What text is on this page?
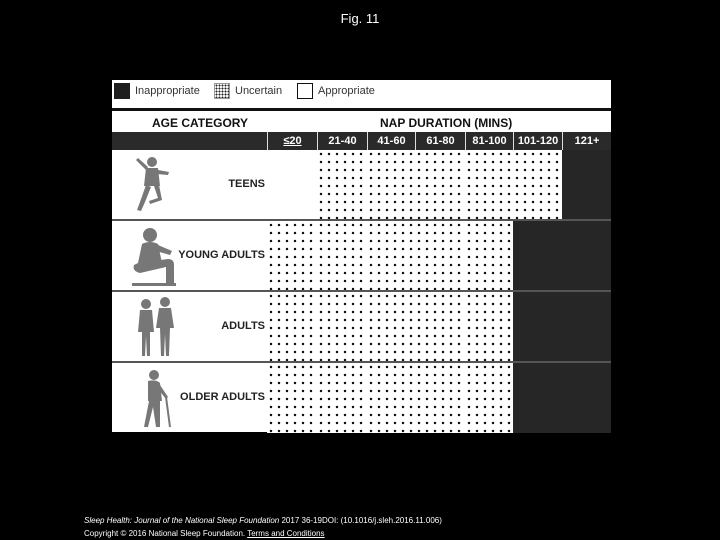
Fig. 11
Inappropriate	Uncertain	Appropriate
AGE CATEGORY	NAP DURATION (MINS)
≤20	21-40	41-60	61-80	81-100	101-120	121+
TEENS
YOUNG ADULTS
ADULTS
OLDER ADULTS
Sleep Health: Journal of the National Sleep Foundation 2017 36-19DOI: (10.1016/j.sleh.2016.11.006)
Copyright © 2016 National Sleep Foundation. Terms and Conditions
